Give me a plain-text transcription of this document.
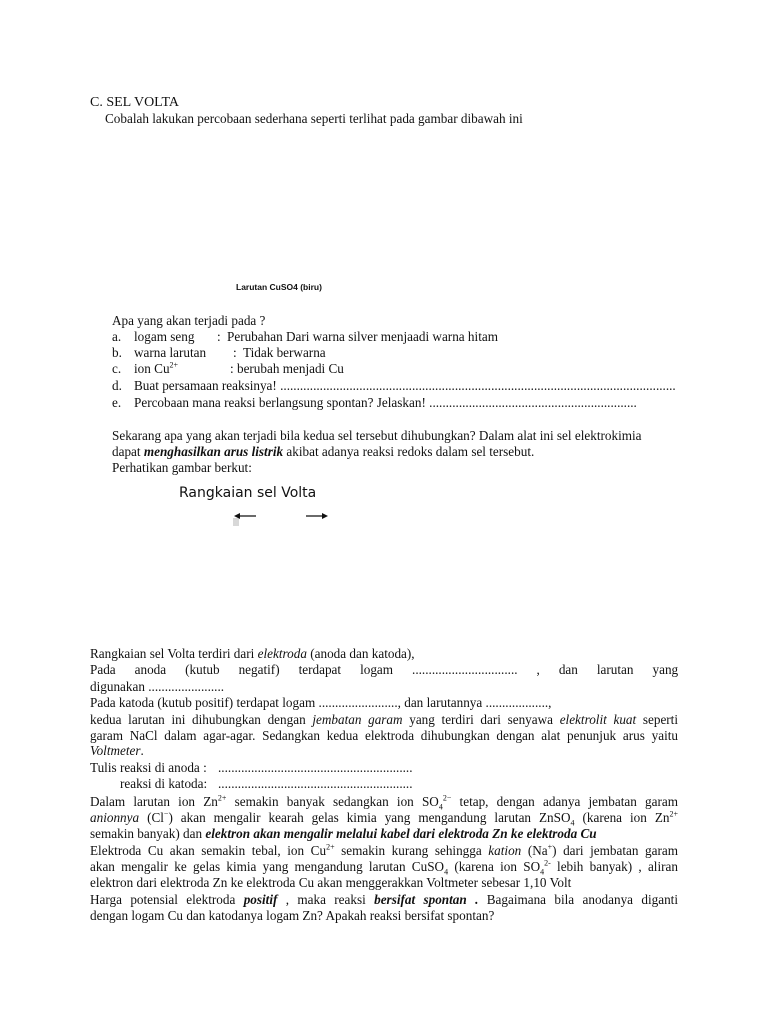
C. SEL VOLTA
Cobalah lakukan percobaan sederhana seperti terlihat pada gambar dibawah ini
Larutan CuSO4 (biru)
Apa yang akan terjadi pada ?
a. logam seng : Perubahan Dari warna silver menjaadi warna hitam
b. warna larutan : Tidak berwarna
c. ion $Cu^{2+}$	: berubah menjadi Cu
d. Buat persamaan reaksinya! ........................................................................................................................
e. Percobaan mana reaksi berlangsung spontan? Jelaskan! ...............................................................
Sekarang apa yang akan terjadi bila kedua sel tersebut dihubungkan? Dalam alat ini sel elektrokimia
dapat menghasilkan arus listrik akibat adanya reaksi redoks dalam sel tersebut.
Perhatikan gambar berkut:
Rangkaian sel Volta
Rangkaian sel Volta terdiri dari elektroda (anoda dan katoda),
Pada anoda (kutub negatif) terdapat logam ................................ , dan larutan yang
digunakan .......................
Pada katoda (kutub positif) terdapat logam ........................, dan larutannya ...................,
kedua larutan ini dihubungkan dengan jembatan garam yang terdiri dari senyawa elektrolit kuat seperti
garam NaCl dalam agar-agar. Sedangkan kedua elektroda dihubungkan dengan alat penunjuk arus yaitu
Voltmeter.
Tulis reaksi di anoda : ...........................................................
reaksi di katoda: ...........................................................
Dalam larutan ion $Zn^{2+}$ semakin banyak sedangkan ion $SO_4^{2-}$ tetap, dengan adanya jembatan garam
anionnya (Cl−) akan mengalir kearah gelas kimia yang mengandung larutan ZnSO$_4$ (karena ion $Zn^{2+}$
semakin banyak) dan elektron akan mengalir melalui kabel dari elektroda Zn ke elektroda Cu
Elektroda Cu akan semakin tebal, ion $Cu^{2+}$ semakin kurang sehingga kation (Na+) dari jembatan garam
akan mengalir ke gelas kimia yang mengandung larutan CuSO$_4$ (karena ion $SO_4^{2-}$ lebih banyak) , aliran
elektron dari elektroda Zn ke elektroda Cu akan menggerakkan Voltmeter sebesar 1,10 Volt
Harga potensial elektroda positif , maka reaksi bersifat spontan . Bagaimana bila anodanya diganti
dengan logam Cu dan katodanya logam Zn? Apakah reaksi bersifat spontan?
